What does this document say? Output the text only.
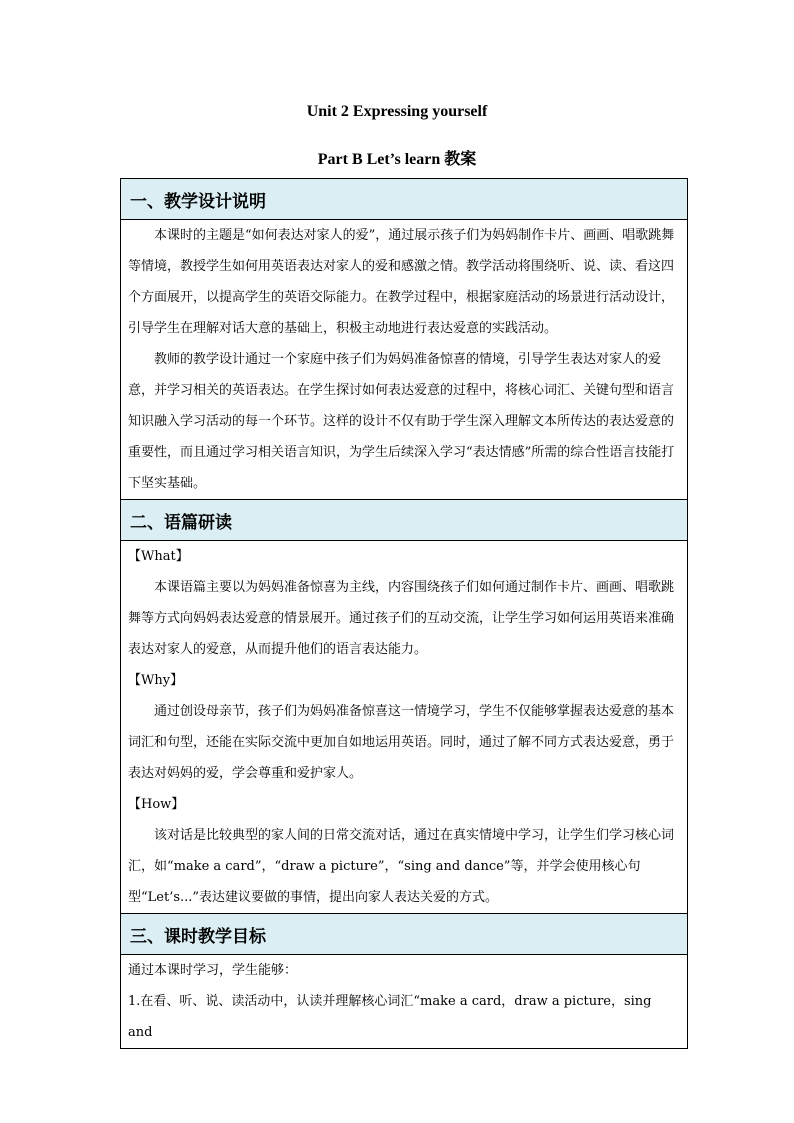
Unit 2 Expressing yourself
Part B Let’s learn 教案
一、教学设计说明

本课时的主题是“如何表达对家人的爱”，通过展示孩子们为妈妈制作卡片、画画、唱歌跳舞等情境，教授学生如何用英语表达对家人的爱和感激之情。教学活动将围绕听、说、读、看这四个方面展开，以提高学生的英语交际能力。在教学过程中，根据家庭活动的场景进行活动设计，引导学生在理解对话大意的基础上，积极主动地进行表达爱意的实践活动。

教师的教学设计通过一个家庭中孩子们为妈妈准备惊喜的情境，引导学生表达对家人的爱意，并学习相关的英语表达。在学生探讨如何表达爱意的过程中，将核心词汇、关键句型和语言知识融入学习活动的每一个环节。这样的设计不仅有助于学生深入理解文本所传达的表达爱意的重要性，而且通过学习相关语言知识，为学生后续深入学习“表达情感”所需的综合性语言技能打下坚实基础。

二、语篇研读

【What】

本课语篇主要以为妈妈准备惊喜为主线，内容围绕孩子们如何通过制作卡片、画画、唱歌跳舞等方式向妈妈表达爱意的情景展开。通过孩子们的互动交流，让学生学习如何运用英语来准确表达对家人的爱意，从而提升他们的语言表达能力。

【Why】

通过创设母亲节，孩子们为妈妈准备惊喜这一情境学习，学生不仅能够掌握表达爱意的基本词汇和句型，还能在实际交流中更加自如地运用英语。同时，通过了解不同方式表达爱意，勇于表达对妈妈的爱，学会尊重和爱护家人。

【How】

该对话是比较典型的家人间的日常交流对话，通过在真实情境中学习，让学生们学习核心词汇，如“make a card”，“draw a picture”，“sing and dance”等，并学会使用核心句型“Let’s...”表达建议要做的事情，提出向家人表达关爱的方式。

三、课时教学目标

通过本课时学习，学生能够：

1.在看、听、说、读活动中，认读并理解核心词汇“make a card，draw a picture，sing and
